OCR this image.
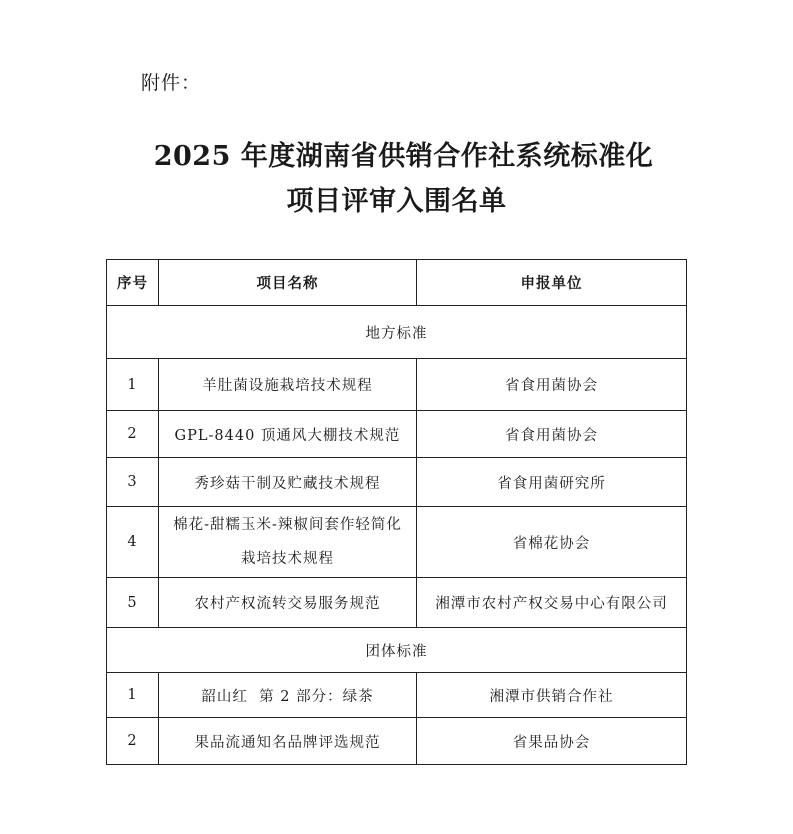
附件：
2025 年度湖南省供销合作社系统标准化
项目评审入围名单
序号	项目名称	申报单位
地方标准		
1	羊肚菌设施栽培技术规程	省食用菌协会
2	GPL-8440 顶通风大棚技术规范	省食用菌协会
3	秀珍菇干制及贮藏技术规程	省食用菌研究所
4	棉花-甜糯玉米-辣椒间套作轻简化
栽培技术规程	省棉花协会
5	农村产权流转交易服务规范	湘潭市农村产权交易中心有限公司
团体标准		
1	韶山红  第 2 部分：绿茶	湘潭市供销合作社
2	果品流通知名品牌评选规范	省果品协会
